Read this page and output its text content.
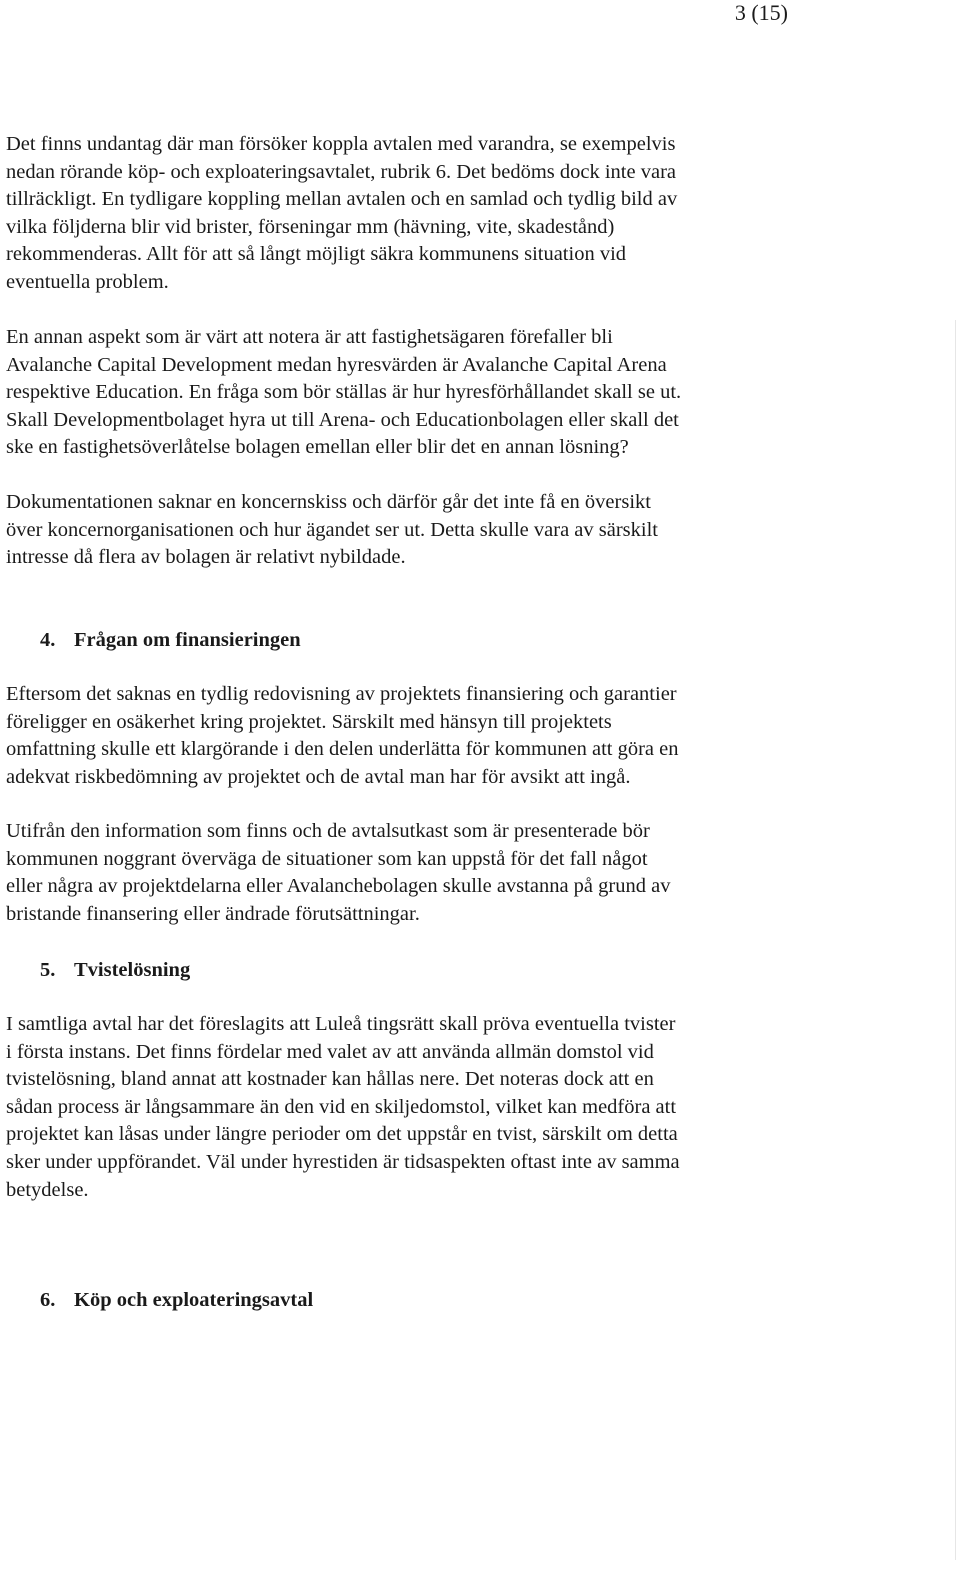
3 (15)
Det finns undantag där man försöker koppla avtalen med varandra, se exempelvis
nedan rörande köp- och exploateringsavtalet, rubrik 6. Det bedöms dock inte vara
tillräckligt. En tydligare koppling mellan avtalen och en samlad och tydlig bild av
vilka följderna blir vid brister, förseningar mm (hävning, vite, skadestånd)
rekommenderas. Allt för att så långt möjligt säkra kommunens situation vid
eventuella problem.
En annan aspekt som är värt att notera är att fastighetsägaren förefaller bli
Avalanche Capital Development medan hyresvärden är Avalanche Capital Arena
respektive Education. En fråga som bör ställas är hur hyresförhållandet skall se ut.
Skall Developmentbolaget hyra ut till Arena- och Educationbolagen eller skall det
ske en fastighetsöverlåtelse bolagen emellan eller blir det en annan lösning?
Dokumentationen saknar en koncernskiss och därför går det inte få en översikt
över koncernorganisationen och hur ägandet ser ut. Detta skulle vara av särskilt
intresse då flera av bolagen är relativt nybildade.
4. Frågan om finansieringen
Eftersom det saknas en tydlig redovisning av projektets finansiering och garantier
föreligger en osäkerhet kring projektet. Särskilt med hänsyn till projektets
omfattning skulle ett klargörande i den delen underlätta för kommunen att göra en
adekvat riskbedömning av projektet och de avtal man har för avsikt att ingå.
Utifrån den information som finns och de avtalsutkast som är presenterade bör
kommunen noggrant överväga de situationer som kan uppstå för det fall något
eller några av projektdelarna eller Avalanchebolagen skulle avstanna på grund av
bristande finansering eller ändrade förutsättningar.
5. Tvistelösning
I samtliga avtal har det föreslagits att Luleå tingsrätt skall pröva eventuella tvister
i första instans. Det finns fördelar med valet av att använda allmän domstol vid
tvistelösning, bland annat att kostnader kan hållas nere. Det noteras dock att en
sådan process är långsammare än den vid en skiljedomstol, vilket kan medföra att
projektet kan låsas under längre perioder om det uppstår en tvist, särskilt om detta
sker under uppförandet. Väl under hyrestiden är tidsaspekten oftast inte av samma
betydelse.
6. Köp och exploateringsavtal
